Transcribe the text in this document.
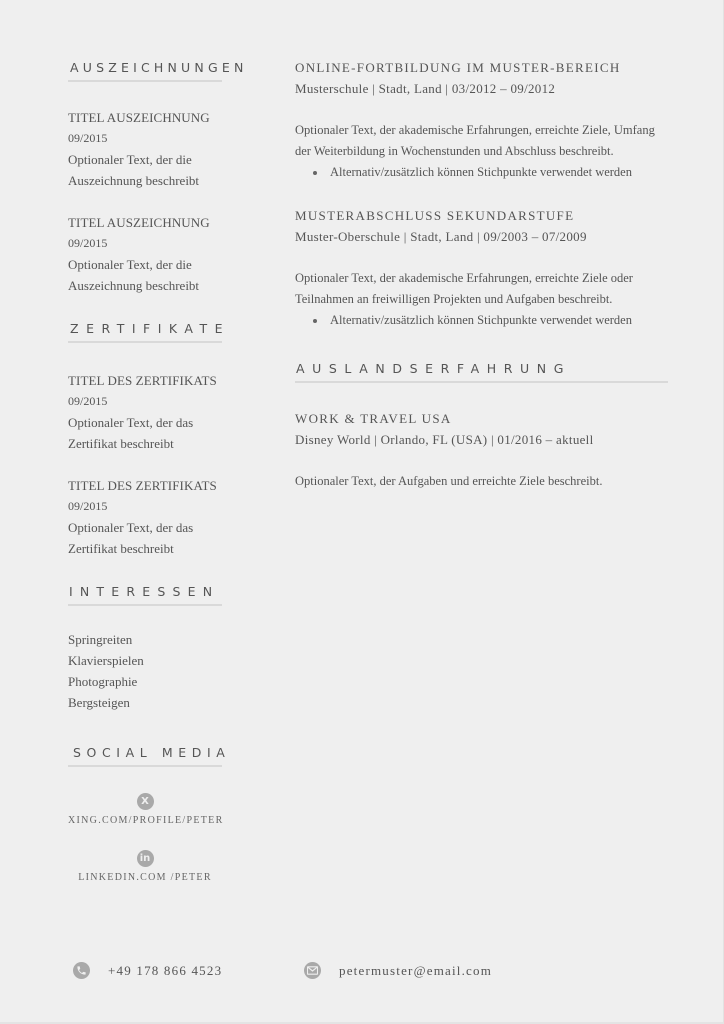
AUSZEICHNUNGEN
TITEL AUSZEICHNUNG
09/2015
Optionaler Text, der die
Auszeichnung beschreibt
TITEL AUSZEICHNUNG
09/2015
Optionaler Text, der die
Auszeichnung beschreibt
ZERTIFIKATE
TITEL DES ZERTIFIKATS
09/2015
Optionaler Text, der das
Zertifikat beschreibt
TITEL DES ZERTIFIKATS
09/2015
Optionaler Text, der das
Zertifikat beschreibt
INTERESSEN
Springreiten
Klavierspielen
Photographie
Bergsteigen
SOCIAL MEDIA
X
XING.COM/PROFILE/PETER
in
LINKEDIN.COM /PETER
ONLINE-FORTBILDUNG IM MUSTER-BEREICH
Musterschule | Stadt, Land | 03/2012 – 09/2012
Optionaler Text, der akademische Erfahrungen, erreichte Ziele, Umfang
der Weiterbildung in Wochenstunden und Abschluss beschreibt.
Alternativ/zusätzlich können Stichpunkte verwendet werden
MUSTERABSCHLUSS SEKUNDARSTUFE
Muster-Oberschule | Stadt, Land | 09/2003 – 07/2009
Optionaler Text, der akademische Erfahrungen, erreichte Ziele oder
Teilnahmen an freiwilligen Projekten und Aufgaben beschreibt.
Alternativ/zusätzlich können Stichpunkte verwendet werden
AUSLANDSERFAHRUNG
WORK & TRAVEL USA
Disney World | Orlando, FL (USA) | 01/2016 – aktuell
Optionaler Text, der Aufgaben und erreichte Ziele beschreibt.
+49 178 866 4523	petermuster@email.com
